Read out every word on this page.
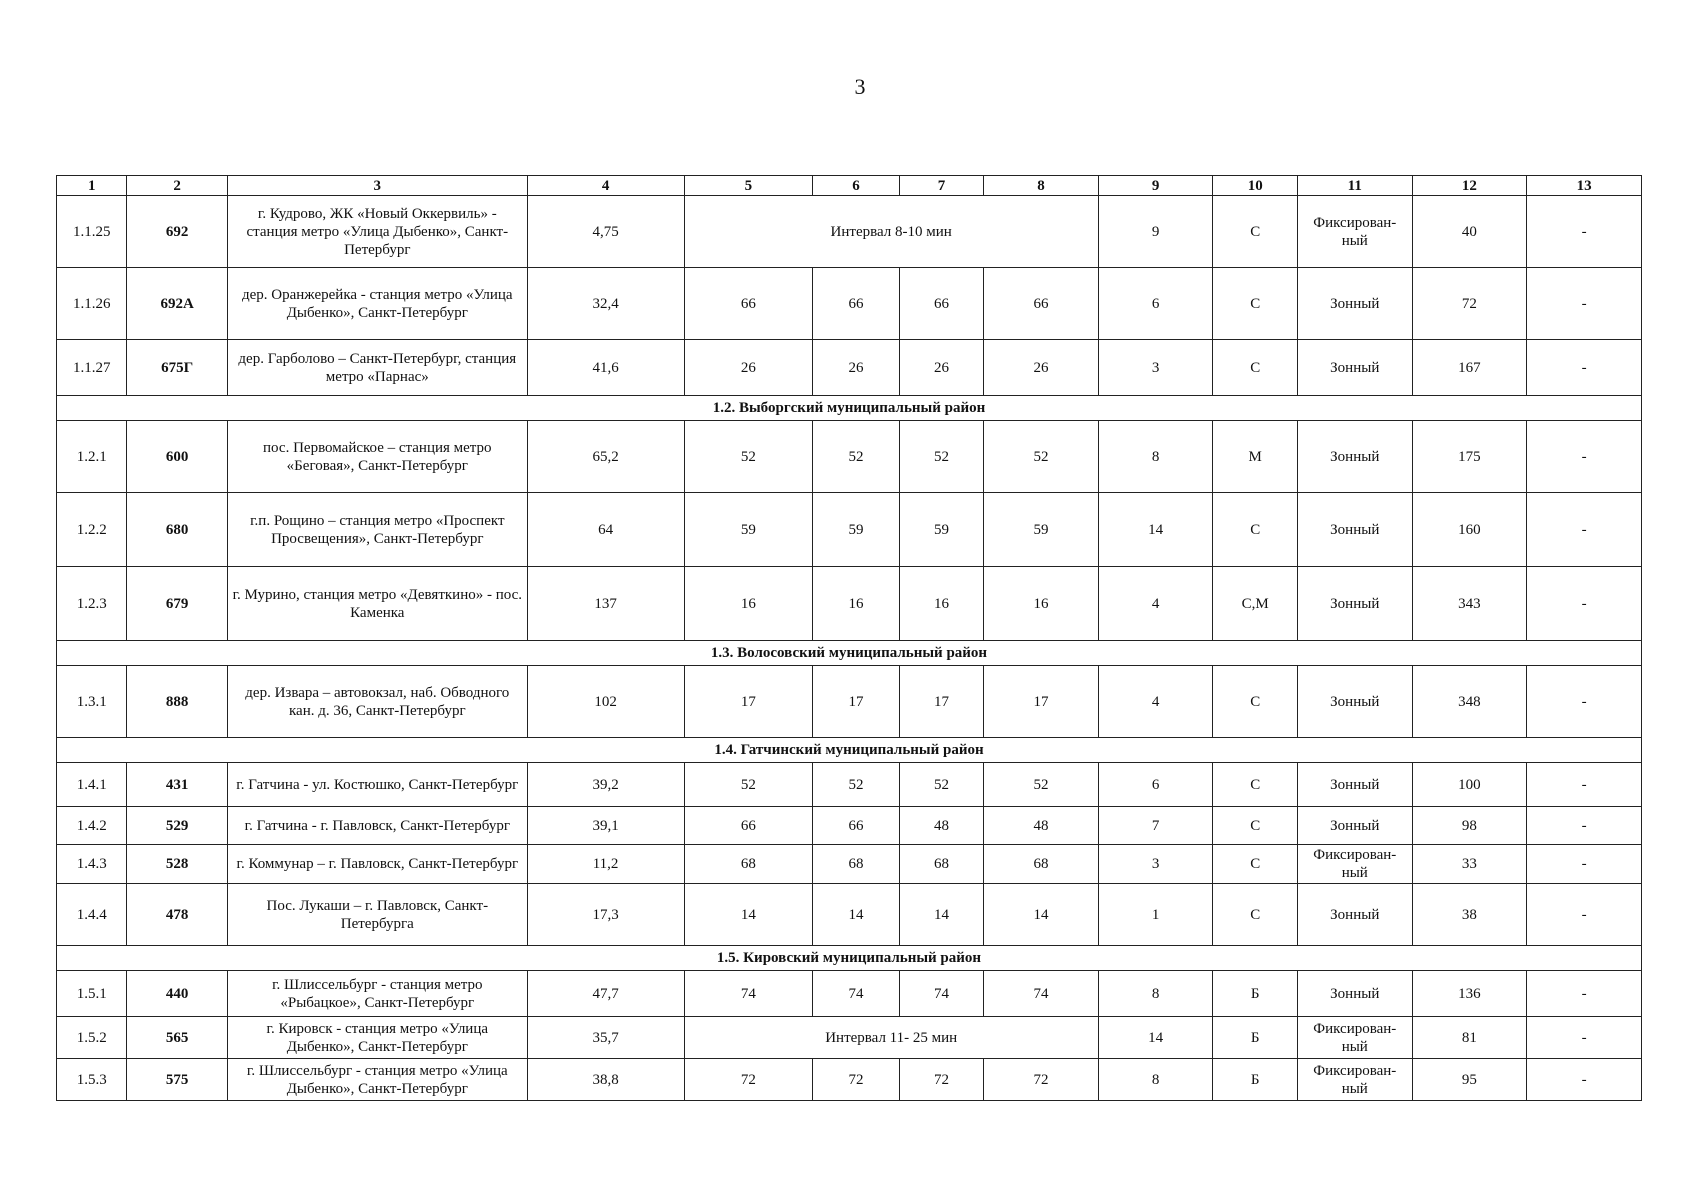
3
1	2	3	4	5	6	7	8	9	10	11	12	13
1.1.25	692	г. Кудрово, ЖК «Новый Оккервиль» - станция метро «Улица Дыбенко», Санкт-Петербург	4,75	Интервал 8-10 мин				9	С	Фиксирован-ный	40	-
1.1.26	692А	дер. Оранжерейка - станция метро «Улица Дыбенко», Санкт-Петербург	32,4	66	66	66	66	6	С	Зонный	72	-
1.1.27	675Г	дер. Гарболово – Санкт-Петербург, станция метро «Парнас»	41,6	26	26	26	26	3	С	Зонный	167	-
1.2. Выборгский муниципальный район												
1.2.1	600	пос. Первомайское – станция метро «Беговая», Санкт-Петербург	65,2	52	52	52	52	8	М	Зонный	175	-
1.2.2	680	г.п. Рощино – станция метро «Проспект Просвещения», Санкт-Петербург	64	59	59	59	59	14	С	Зонный	160	-
1.2.3	679	г. Мурино, станция метро «Девяткино» - пос. Каменка	137	16	16	16	16	4	С,М	Зонный	343	-
1.3. Волосовский муниципальный район												
1.3.1	888	дер. Извара – автовокзал, наб. Обводного кан. д. 36, Санкт-Петербург	102	17	17	17	17	4	С	Зонный	348	-
1.4. Гатчинский муниципальный район												
1.4.1	431	г. Гатчина - ул. Костюшко, Санкт-Петербург	39,2	52	52	52	52	6	С	Зонный	100	-
1.4.2	529	г. Гатчина - г. Павловск, Санкт-Петербург	39,1	66	66	48	48	7	С	Зонный	98	-
1.4.3	528	г. Коммунар – г. Павловск, Санкт-Петербург	11,2	68	68	68	68	3	С	Фиксирован-ный	33	-
1.4.4	478	Пос. Лукаши – г. Павловск, Санкт-Петербурга	17,3	14	14	14	14	1	С	Зонный	38	-
1.5. Кировский муниципальный район												
1.5.1	440	г. Шлиссельбург - станция метро «Рыбацкое», Санкт-Петербург	47,7	74	74	74	74	8	Б	Зонный	136	-
1.5.2	565	г. Кировск - станция метро «Улица Дыбенко», Санкт-Петербург	35,7	Интервал 11- 25 мин				14	Б	Фиксирован-ный	81	-
1.5.3	575	г. Шлиссельбург - станция метро «Улица Дыбенко», Санкт-Петербург	38,8	72	72	72	72	8	Б	Фиксирован-ный	95	-
